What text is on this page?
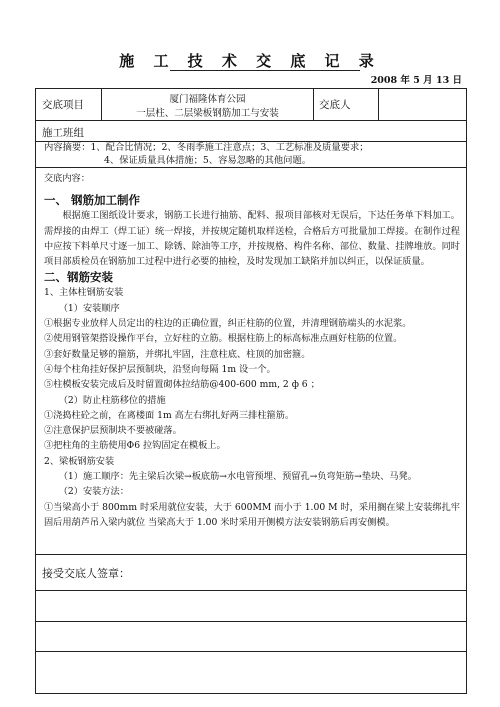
施 工 技 术 交 底 记 录
2008 年 5 月 13 日
交底项目	厦门福隆体育公园
一层柱、二层梁板钢筋加工与安装
交底人
施工班组

内容摘要：1、配合比情况；2、冬雨季施工注意点；3、工艺标准及质量要求；

4、保证质量具体措施；5、容易忽略的其他问题。

交底内容：

一、 钢筋加工制作

根据施工图纸设计要求，钢筋工长进行抽筋、配料、报项目部核对无误后，下达任务单下料加工。需焊接的由焊工（焊工证）统一焊接，并按规定随机取样送检，合格后方可批量加工焊接。在制作过程中应按下料单尺寸逐一加工、除锈、除油等工序，并按规格、构件名称、部位、数量、挂牌堆放。同时项目部质检员在钢筋加工过程中进行必要的抽检，及时发现加工缺陷并加以纠正，以保证质量。

二、钢筋安装

1、主体柱钢筋安装

（1）安装顺序

①根据专业放样人员定出的柱边的正确位置，纠正柱筋的位置，并清理钢筋端头的水泥浆。

②使用钢管架搭设操作平台，立好柱的立筋。根据柱筋上的标高标准点画好柱筋的位置。

③套好数量足够的箍筋，并绑扎牢固，注意柱底、柱顶的加密箍。

④每个柱角挂好保护层预制块，沿竖向每隔 1m 设一个。

⑤柱模板安装完成后及时留置砌体拉结筋@400-600 mm, 2 ф 6 ；

（2）防止柱筋移位的措施

①浇捣柱砼之前，在离楼面 1m 高左右绑扎好两三排柱箍筋。

②注意保护层预制块不要被碰落。

③把柱角的主筋使用Φ6 拉钩固定在模板上。

2、梁板钢筋安装

（1）施工顺序：先主梁后次梁→板底筋→水电管预埋、预留孔→负弯矩筋→垫块、马凳。

（2）安装方法：

①当梁高小于 800mm 时采用就位安装，大于 600MM 而小于 1.00 M 时，采用搁在梁上安装绑扎牢固后用葫芦吊入梁内就位 当梁高大于 1.00 米时采用开侧模方法安装钢筋后再安侧模。

接受交底人签章：
